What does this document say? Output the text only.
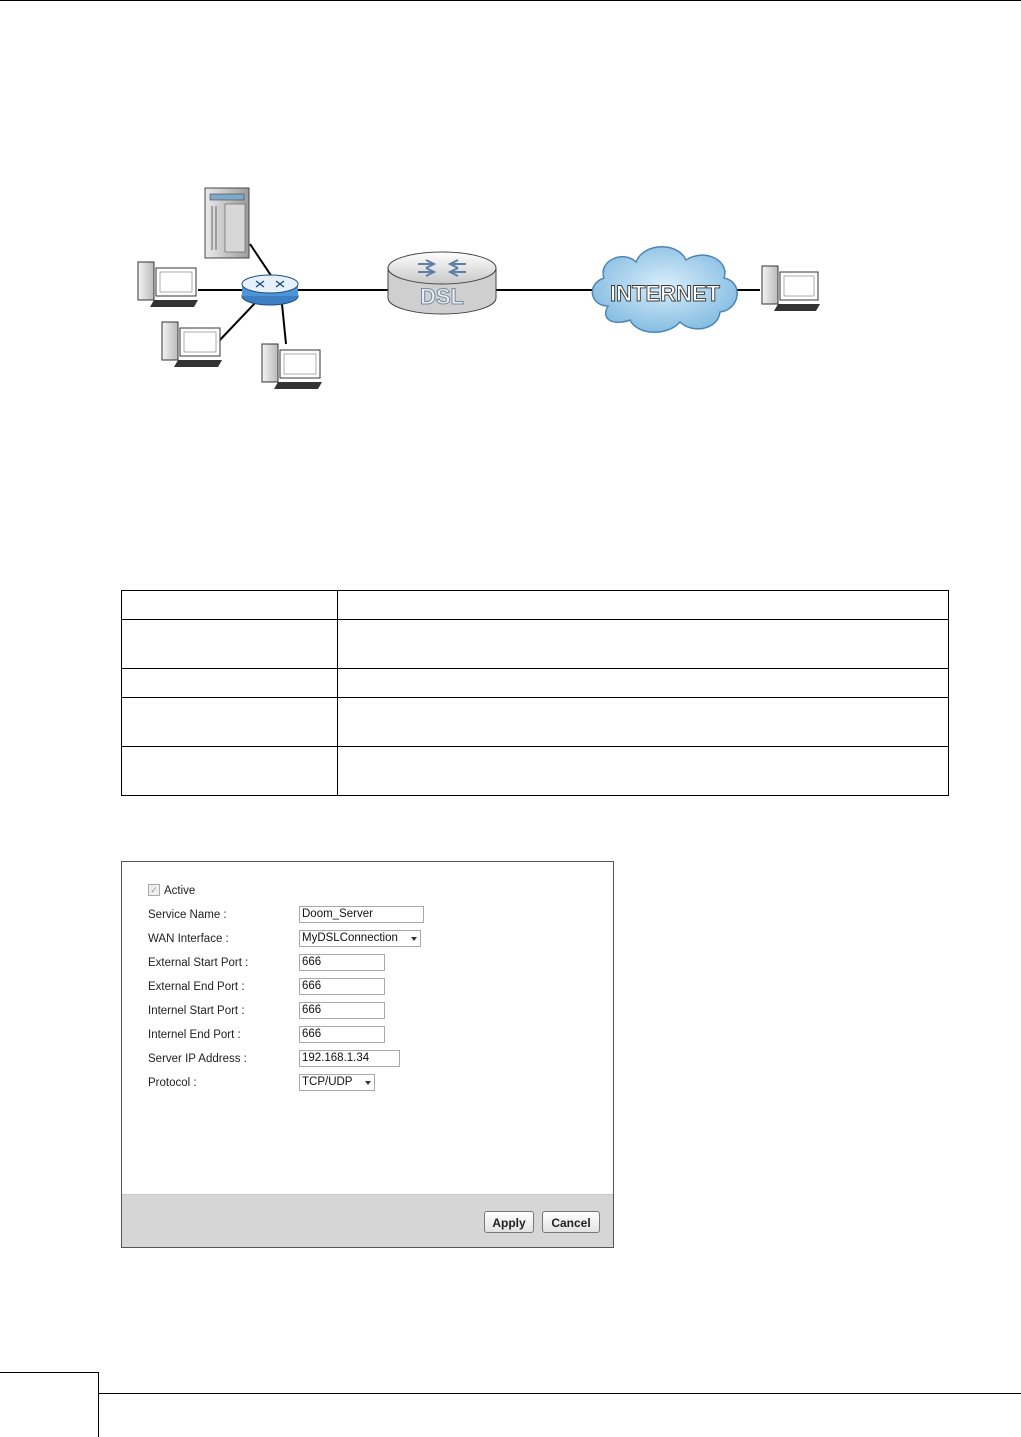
DSL	INTERNET

✓ Active
Service Name :	Doom_Server
WAN Interface :	MyDSLConnection
External Start Port :	666
External End Port :	666
Internel Start Port :	666
Internel End Port :	666
Server IP Address :	192.168.1.34
Protocol :	TCP/UDP
Apply	Cancel
